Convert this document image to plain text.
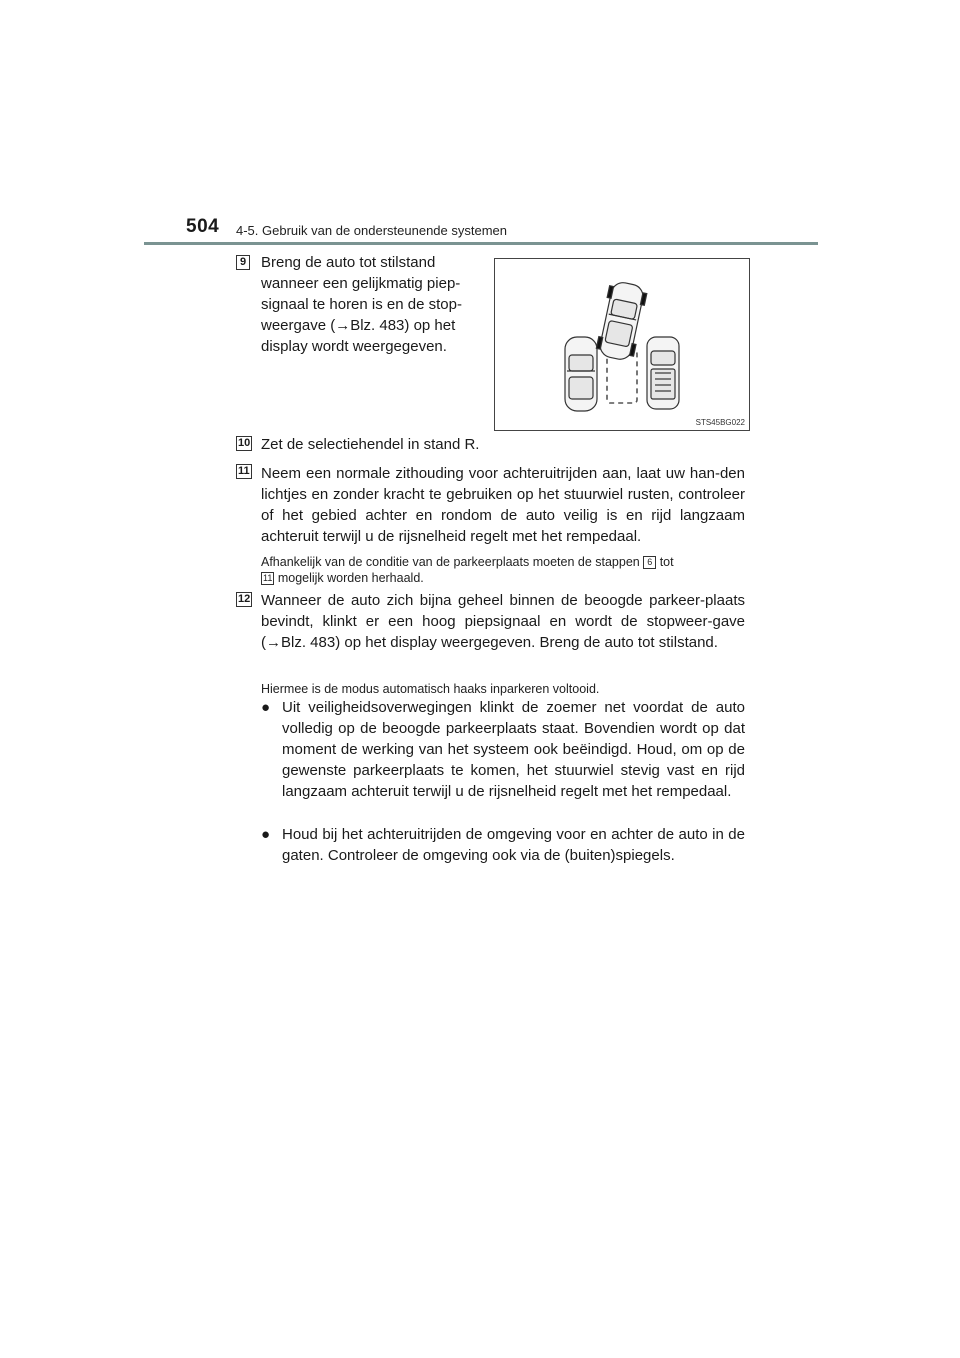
504 4-5. Gebruik van de ondersteunende systemen
9 Breng de auto tot stilstand
wanneer een gelijkmatig piep-
signaal te horen is en de stop-
weergave (→Blz. 483) op het
display wordt weergegeven.
STS45BG022
10 Zet de selectiehendel in stand R.
11 Neem een normale zithouding voor achteruitrijden aan, laat uw han-den lichtjes en zonder kracht te gebruiken op het stuurwiel rusten, controleer of het gebied achter en rondom de auto veilig is en rijd langzaam achteruit terwijl u de rijsnelheid regelt met het rempedaal.
Afhankelijk van de conditie van de parkeerplaats moeten de stappen 6 tot
11 mogelijk worden herhaald.
12 Wanneer de auto zich bijna geheel binnen de beoogde parkeer-plaats bevindt, klinkt er een hoog piepsignaal en wordt de stopweer-gave (→Blz. 483) op het display weergegeven. Breng de auto tot stilstand.
Hiermee is de modus automatisch haaks inparkeren voltooid.
● Uit veiligheidsoverwegingen klinkt de zoemer net voordat de auto volledig op de beoogde parkeerplaats staat. Bovendien wordt op dat moment de werking van het systeem ook beëindigd. Houd, om op de gewenste parkeerplaats te komen, het stuurwiel stevig vast en rijd langzaam achteruit terwijl u de rijsnelheid regelt met het rempedaal.
● Houd bij het achteruitrijden de omgeving voor en achter de auto in de gaten. Controleer de omgeving ook via de (buiten)spiegels.
